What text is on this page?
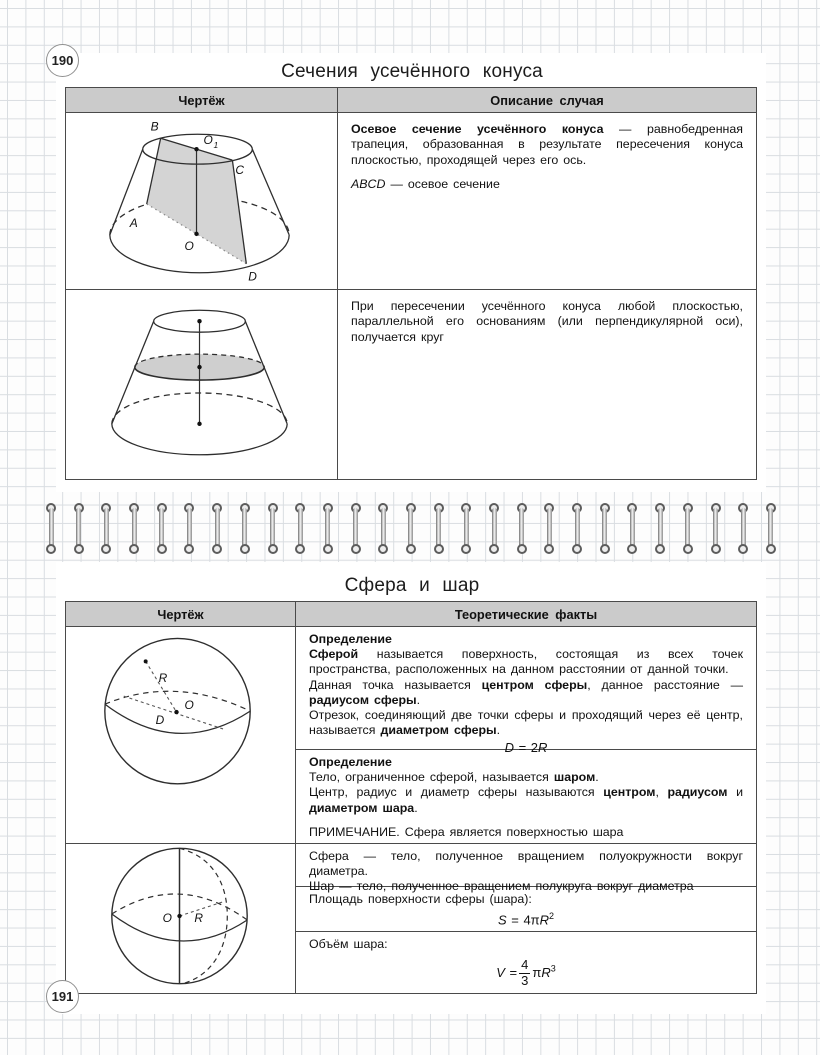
190
Сечения усечённого конуса
Чертёж	Описание случая
B
O 1
C
A
O
D

Осевое сечение усечённого конуса — равнобедренная трапеция, образованная в результате пересечения конуса плоскостью, проходящей через его ось.

ABCD — осевое сечение

При пересечении усечённого конуса любой плоскостью, параллельной его основаниям (или перпендикулярной оси), получается круг

191
Сфера и шар
Чертёж	Теоретические факты
R
O
D

Определение

Сферой называется поверхность, состоящая из всех точек пространства, расположенных на данном расстоянии от данной точки.

Данная точка называется центром сферы, данное расстояние — радиусом сферы.

Отрезок, соединяющий две точки сферы и проходящий через её центр, называется диаметром сферы.

D = 2R

Определение

Тело, ограниченное сферой, называется шаром.

Центр, радиус и диаметр сферы называются центром, радиусом и диаметром шара.

ПРИМЕЧАНИЕ. Сфера является поверхностью шара

O R

Сфера — тело, полученное вращением полуокружности вокруг диаметра.

Шар — тело, полученное вращением полукруга вокруг диаметра

Площадь поверхности сферы (шара):

$S = 4\pi R^2$

Объём шара:

$V = \frac{4}{3} \pi R^3$
